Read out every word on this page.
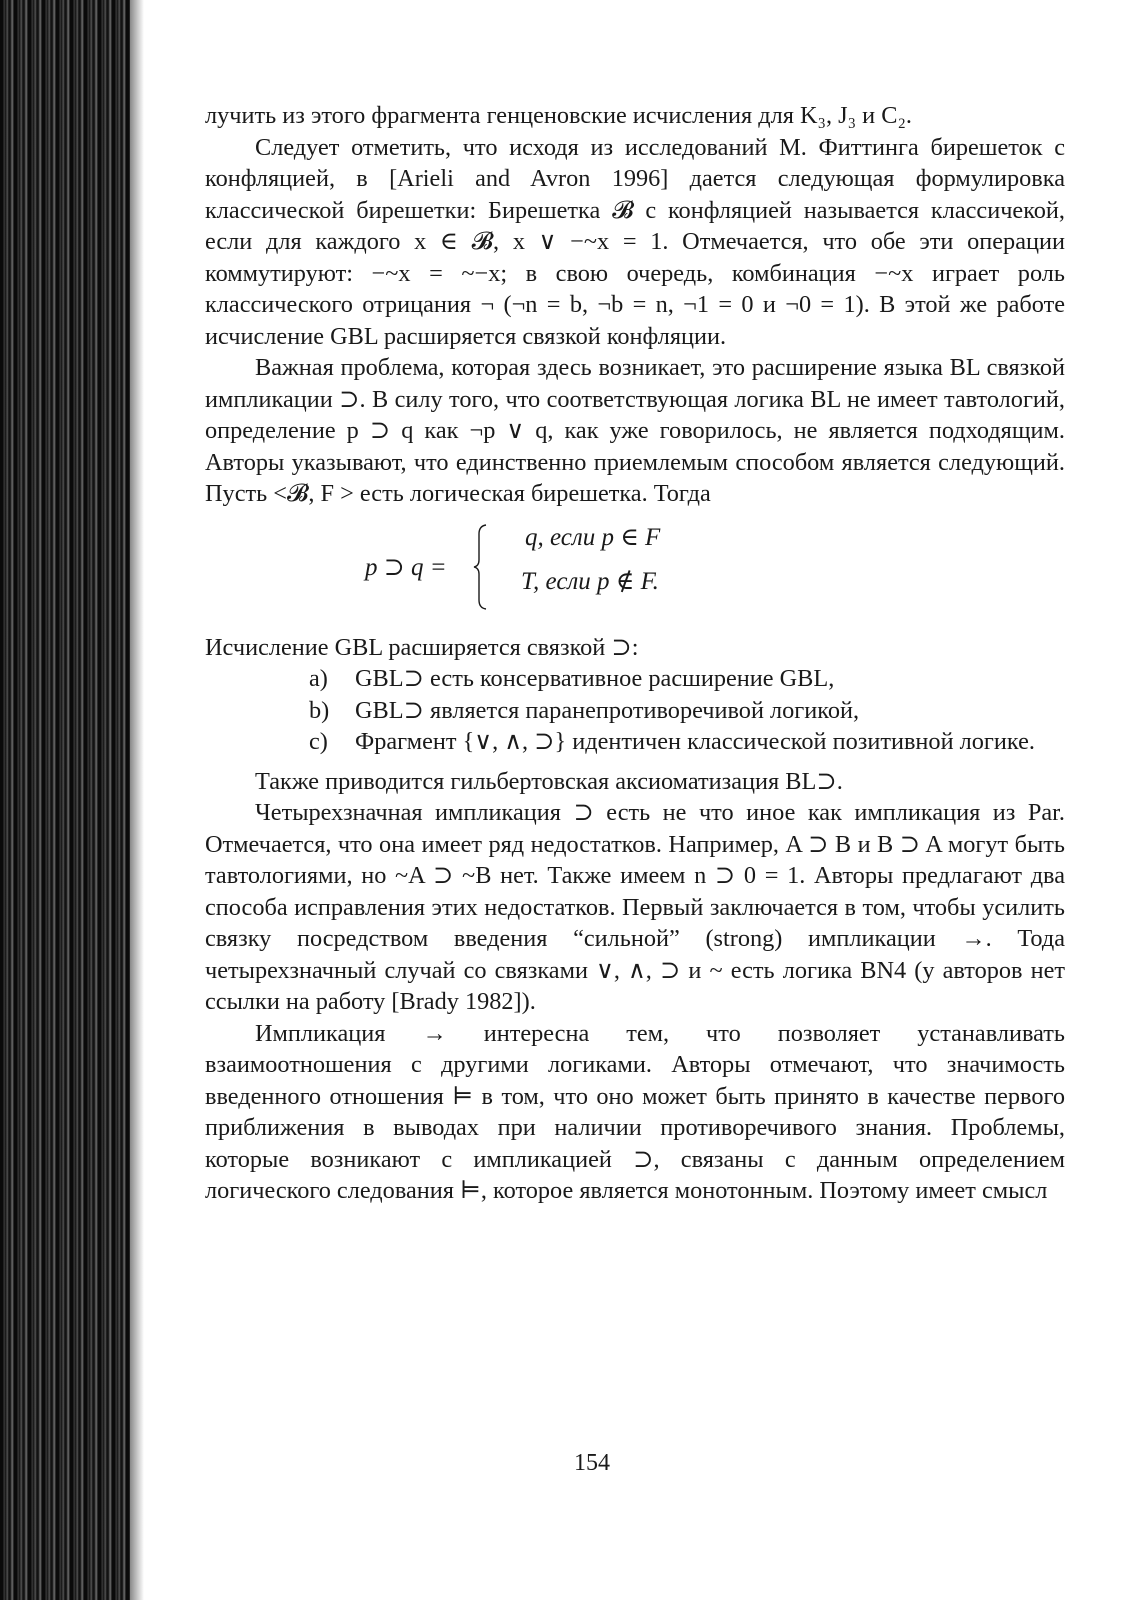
лучить из этого фрагмента генценовские исчисления для K₃, J₃ и C₂.

Следует отметить, что исходя из исследований М. Фиттинга бирешеток с конфляцией, в [Arieli and Avron 1996] дается следующая формулировка классической бирешетки: Бирешетка 𝓑 с конфляцией называется классичекой, если для каждого x ∈ 𝓑, x ∨ −~x = 1. Отмечается, что обе эти операции коммутируют: −~x = ~−x; в свою очередь, комбинация −~x играет роль классического отрицания ¬ (¬n = b, ¬b = n, ¬1 = 0 и ¬0 = 1). В этой же работе исчисление GBL расширяется связкой конфляции.

Важная проблема, которая здесь возникает, это расширение языка BL связкой импликации ⊃. В силу того, что соответствующая логика BL не имеет тавтологий, определение p ⊃ q как ¬p ∨ q, как уже говорилось, не является подходящим. Авторы указывают, что единственно приемлемым способом является следующий. Пусть <𝓑, F > есть логическая бирешетка. Тогда

p ⊃ q =
q, если p ∈ F
T, если p ∉ F.

Исчисление GBL расширяется связкой ⊃:

a) GBL⊃ есть консервативное расширение GBL,
b) GBL⊃ является паранепротиворечивой логикой,
c) Фрагмент {∨, ∧, ⊃} идентичен классической позитивной логике.

Также приводится гильбертовская аксиоматизация BL⊃.

Четырехзначная импликация ⊃ есть не что иное как импликация из Par. Отмечается, что она имеет ряд недостатков. Например, A ⊃ B и B ⊃ A могут быть тавтологиями, но ~A ⊃ ~B нет. Также имеем n ⊃ 0 = 1. Авторы предлагают два способа исправления этих недостатков. Первый заключается в том, чтобы усилить связку посредством введения “сильной” (strong) импликации →. Тода четырехзначный случай со связками ∨, ∧, ⊃ и ~ есть логика BN4 (у авторов нет ссылки на работу [Brady 1982]).

Импликация → интересна тем, что позволяет устанавливать взаимоотношения с другими логиками. Авторы отмечают, что значимость введенного отношения ⊨ в том, что оно может быть принято в качестве первого приближения в выводах при наличии противоречивого знания. Проблемы, которые возникают с импликацией ⊃, связаны с данным определением логического следования ⊨, которое является монотонным. Поэтому имеет смысл

154
